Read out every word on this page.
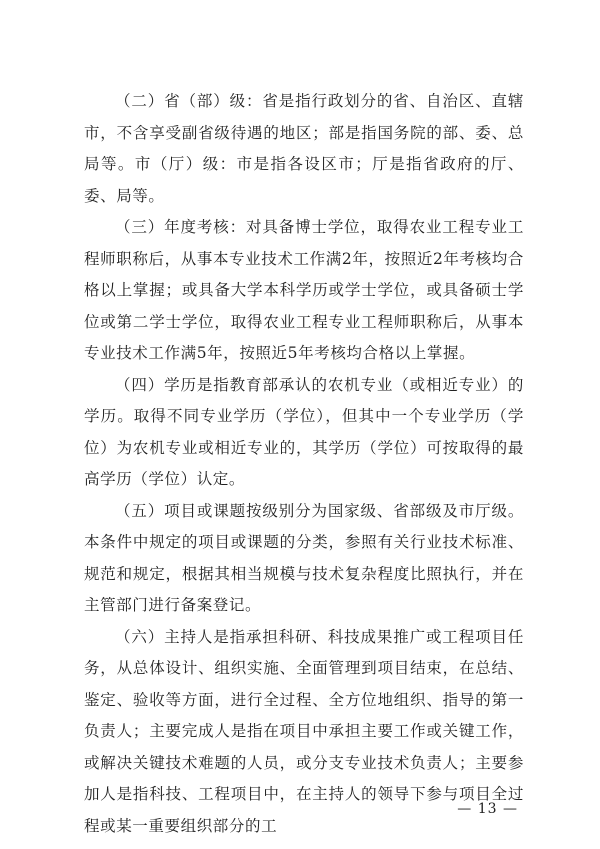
（二）省（部）级：省是指行政划分的省、自治区、直辖市，不含享受副省级待遇的地区；部是指国务院的部、委、总局等。市（厅）级：市是指各设区市；厅是指省政府的厅、委、局等。

（三）年度考核：对具备博士学位，取得农业工程专业工程师职称后，从事本专业技术工作满2年，按照近2年考核均合格以上掌握；或具备大学本科学历或学士学位，或具备硕士学位或第二学士学位，取得农业工程专业工程师职称后，从事本专业技术工作满5年，按照近5年考核均合格以上掌握。

（四）学历是指教育部承认的农机专业（或相近专业）的学历。取得不同专业学历（学位），但其中一个专业学历（学位）为农机专业或相近专业的，其学历（学位）可按取得的最高学历（学位）认定。

（五）项目或课题按级别分为国家级、省部级及市厅级。本条件中规定的项目或课题的分类，参照有关行业技术标准、规范和规定，根据其相当规模与技术复杂程度比照执行，并在主管部门进行备案登记。

（六）主持人是指承担科研、科技成果推广或工程项目任务，从总体设计、组织实施、全面管理到项目结束，在总结、鉴定、验收等方面，进行全过程、全方位地组织、指导的第一负责人；主要完成人是指在项目中承担主要工作或关键工作，或解决关键技术难题的人员，或分支专业技术负责人；主要参加人是指科技、工程项目中，在主持人的领导下参与项目全过程或某一重要组织部分的工

— 13 —
